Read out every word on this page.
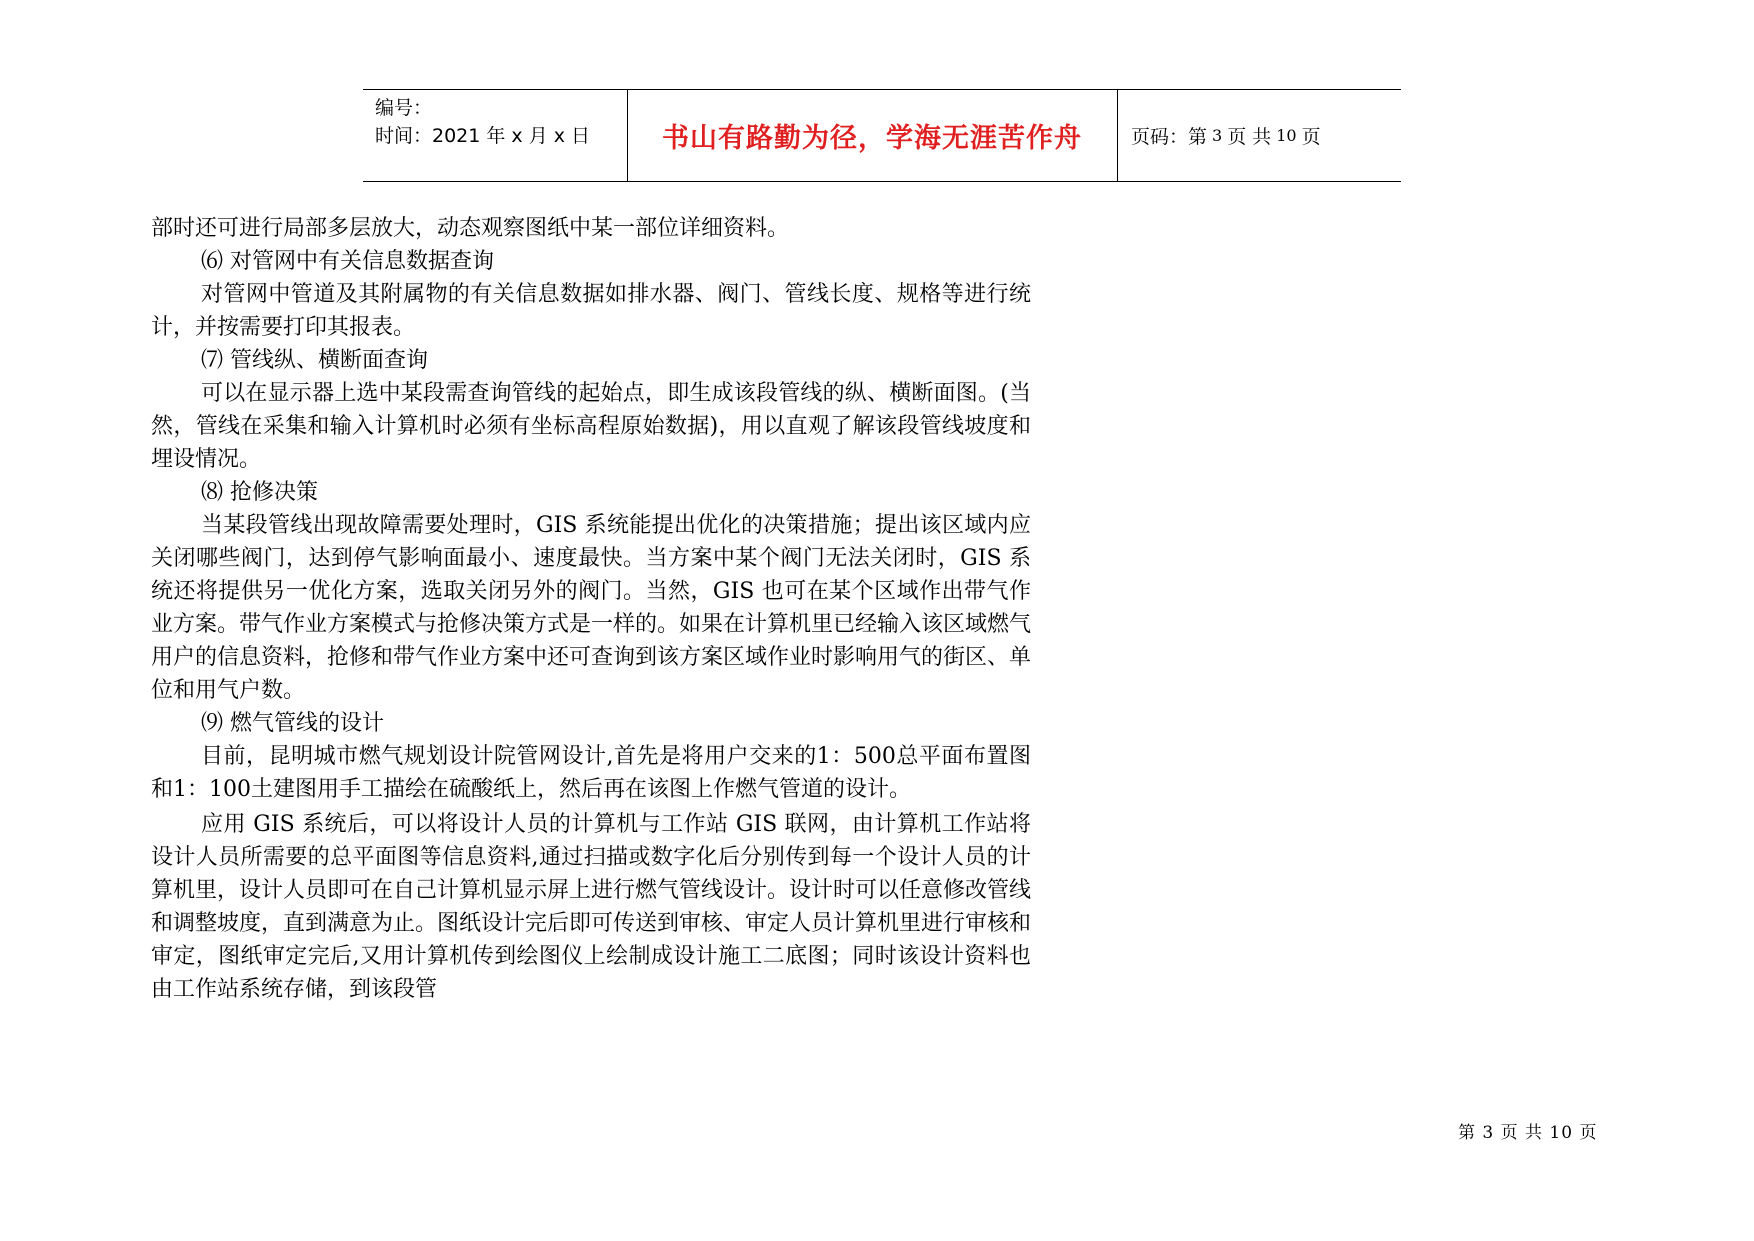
编号：
时间：2021 年 x 月 x 日	书山有路勤为径，学海无涯苦作舟	页码：第 3 页 共 10 页

部时还可进行局部多层放大，动态观察图纸中某一部位详细资料。

⑹ 对管网中有关信息数据查询

对管网中管道及其附属物的有关信息数据如排水器、阀门、管线长度、规格等进行统计，并按需要打印其报表。

⑺ 管线纵、横断面查询

可以在显示器上选中某段需查询管线的起始点，即生成该段管线的纵、横断面图。(当然，管线在采集和输入计算机时必须有坐标高程原始数据)，用以直观了解该段管线坡度和埋设情况。

⑻ 抢修决策

当某段管线出现故障需要处理时，GIS 系统能提出优化的决策措施；提出该区域内应关闭哪些阀门，达到停气影响面最小、速度最快。当方案中某个阀门无法关闭时，GIS 系统还将提供另一优化方案，选取关闭另外的阀门。当然，GIS 也可在某个区域作出带气作业方案。带气作业方案模式与抢修决策方式是一样的。如果在计算机里已经输入该区域燃气用户的信息资料，抢修和带气作业方案中还可查询到该方案区域作业时影响用气的街区、单位和用气户数。

⑼ 燃气管线的设计

目前，昆明城市燃气规划设计院管网设计,首先是将用户交来的1：500总平面布置图和1：100土建图用手工描绘在硫酸纸上，然后再在该图上作燃气管道的设计。

应用 GIS 系统后，可以将设计人员的计算机与工作站 GIS 联网，由计算机工作站将设计人员所需要的总平面图等信息资料,通过扫描或数字化后分别传到每一个设计人员的计算机里，设计人员即可在自己计算机显示屏上进行燃气管线设计。设计时可以任意修改管线和调整坡度，直到满意为止。图纸设计完后即可传送到审核、审定人员计算机里进行审核和审定，图纸审定完后,又用计算机传到绘图仪上绘制成设计施工二底图；同时该设计资料也由工作站系统存储，到该段管

第 3 页 共 10 页
